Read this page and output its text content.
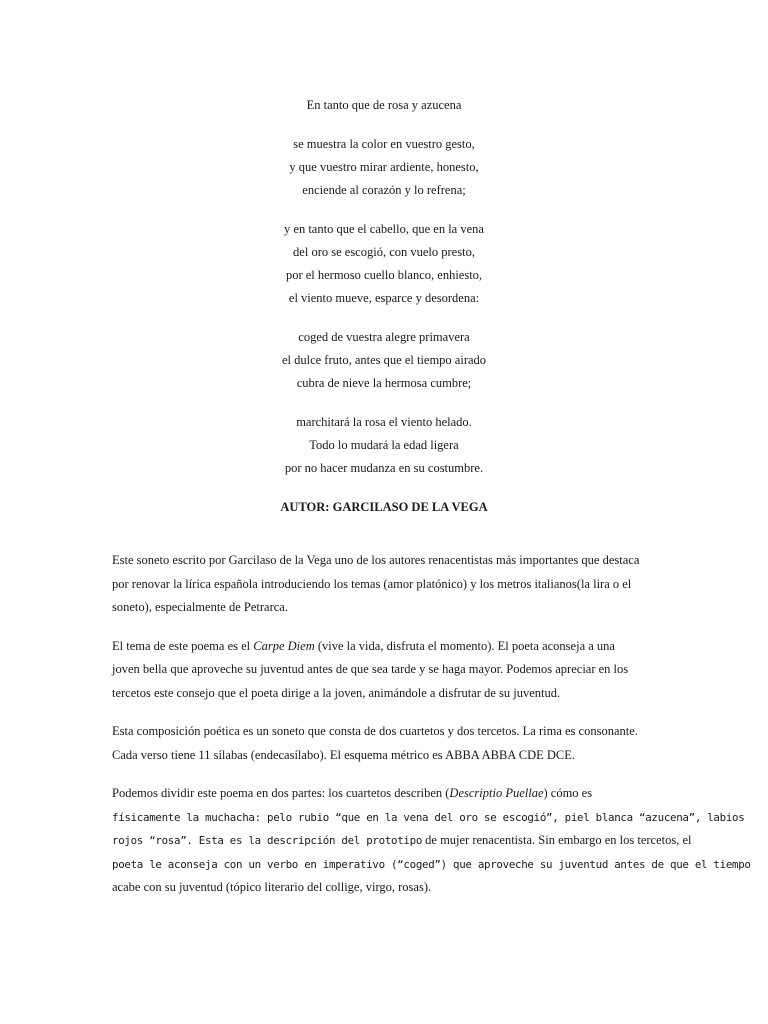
En tanto que de rosa y azucena
se muestra la color en vuestro gesto,
y que vuestro mirar ardiente, honesto,
enciende al corazón y lo refrena;
y en tanto que el cabello, que en la vena
del oro se escogió, con vuelo presto,
por el hermoso cuello blanco, enhiesto,
el viento mueve, esparce y desordena:
coged de vuestra alegre primavera
el dulce fruto, antes que el tiempo airado
cubra de nieve la hermosa cumbre;
marchitará la rosa el viento helado.
Todo lo mudará la edad ligera
por no hacer mudanza en su costumbre.
AUTOR: GARCILASO DE LA VEGA
Este soneto escrito por Garcilaso de la Vega uno de los autores renacentistas más importantes que destaca
por renovar la lírica española introduciendo los temas (amor platónico) y los metros italianos(la lira o el
soneto), especialmente de Petrarca.
El tema de este poema es el Carpe Diem (vive la vida, disfruta el momento). El poeta aconseja a una
joven bella que aproveche su juventud antes de que sea tarde y se haga mayor. Podemos apreciar en los
tercetos este consejo que el poeta dirige a la joven, animándole a disfrutar de su juventud.
Esta composición poética es un soneto que consta de dos cuartetos y dos tercetos. La rima es consonante.
Cada verso tiene 11 sílabas (endecasílabo). El esquema métrico es ABBA ABBA CDE DCE.
Podemos dividir este poema en dos partes: los cuartetos describen (Descriptio Puellae) cómo es
físicamente la muchacha: pelo rubio “que en la vena del oro se escogió”, piel blanca “azucena”, labios
rojos “rosa”. Esta es la descripción del prototipo de mujer renacentista. Sin embargo en los tercetos, el
poeta le aconseja con un verbo en imperativo (“coged”) que aproveche su juventud antes de que el tiempo
acabe con su juventud (tópico literario del collige, virgo, rosas).
